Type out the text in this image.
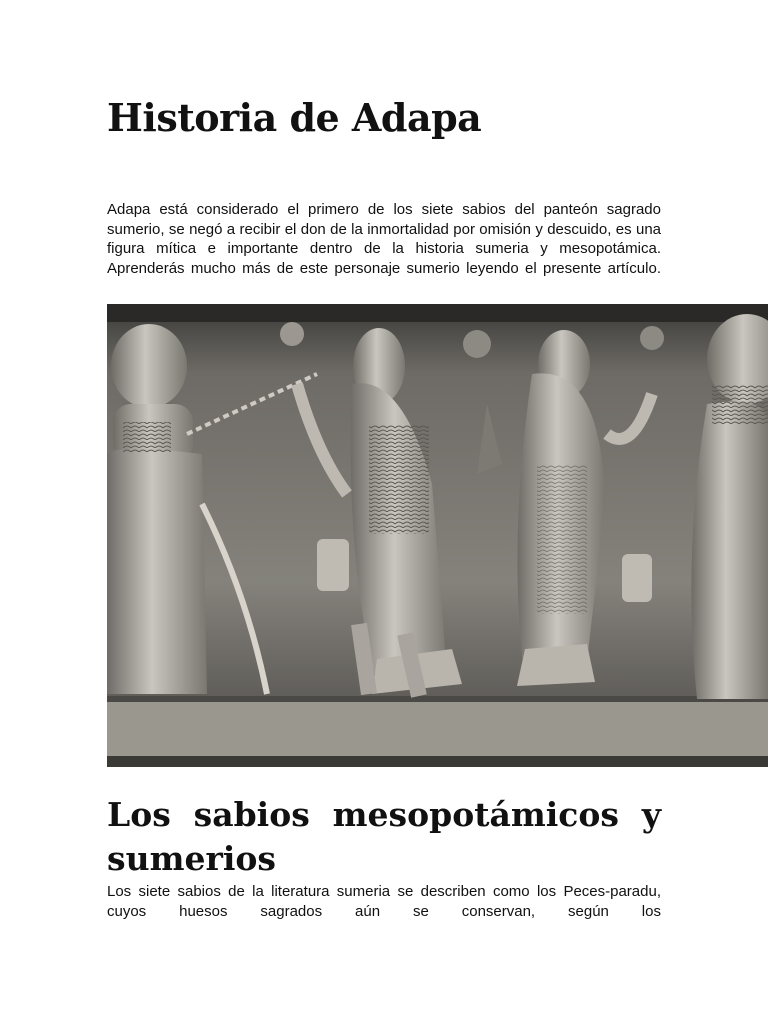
Historia de Adapa

Adapa está considerado el primero de los siete sabios del panteón sagrado sumerio, se negó a recibir el don de la inmortalidad por omisión y descuido, es una figura mítica e importante dentro de la historia sumeria y mesopotámica. Aprenderás mucho más de este personaje sumerio leyendo el presente artículo.

Los sabios mesopotámicos y sumerios

Los siete sabios de la literatura sumeria se describen como los Peces-paradu, cuyos huesos sagrados aún se conservan, según los
